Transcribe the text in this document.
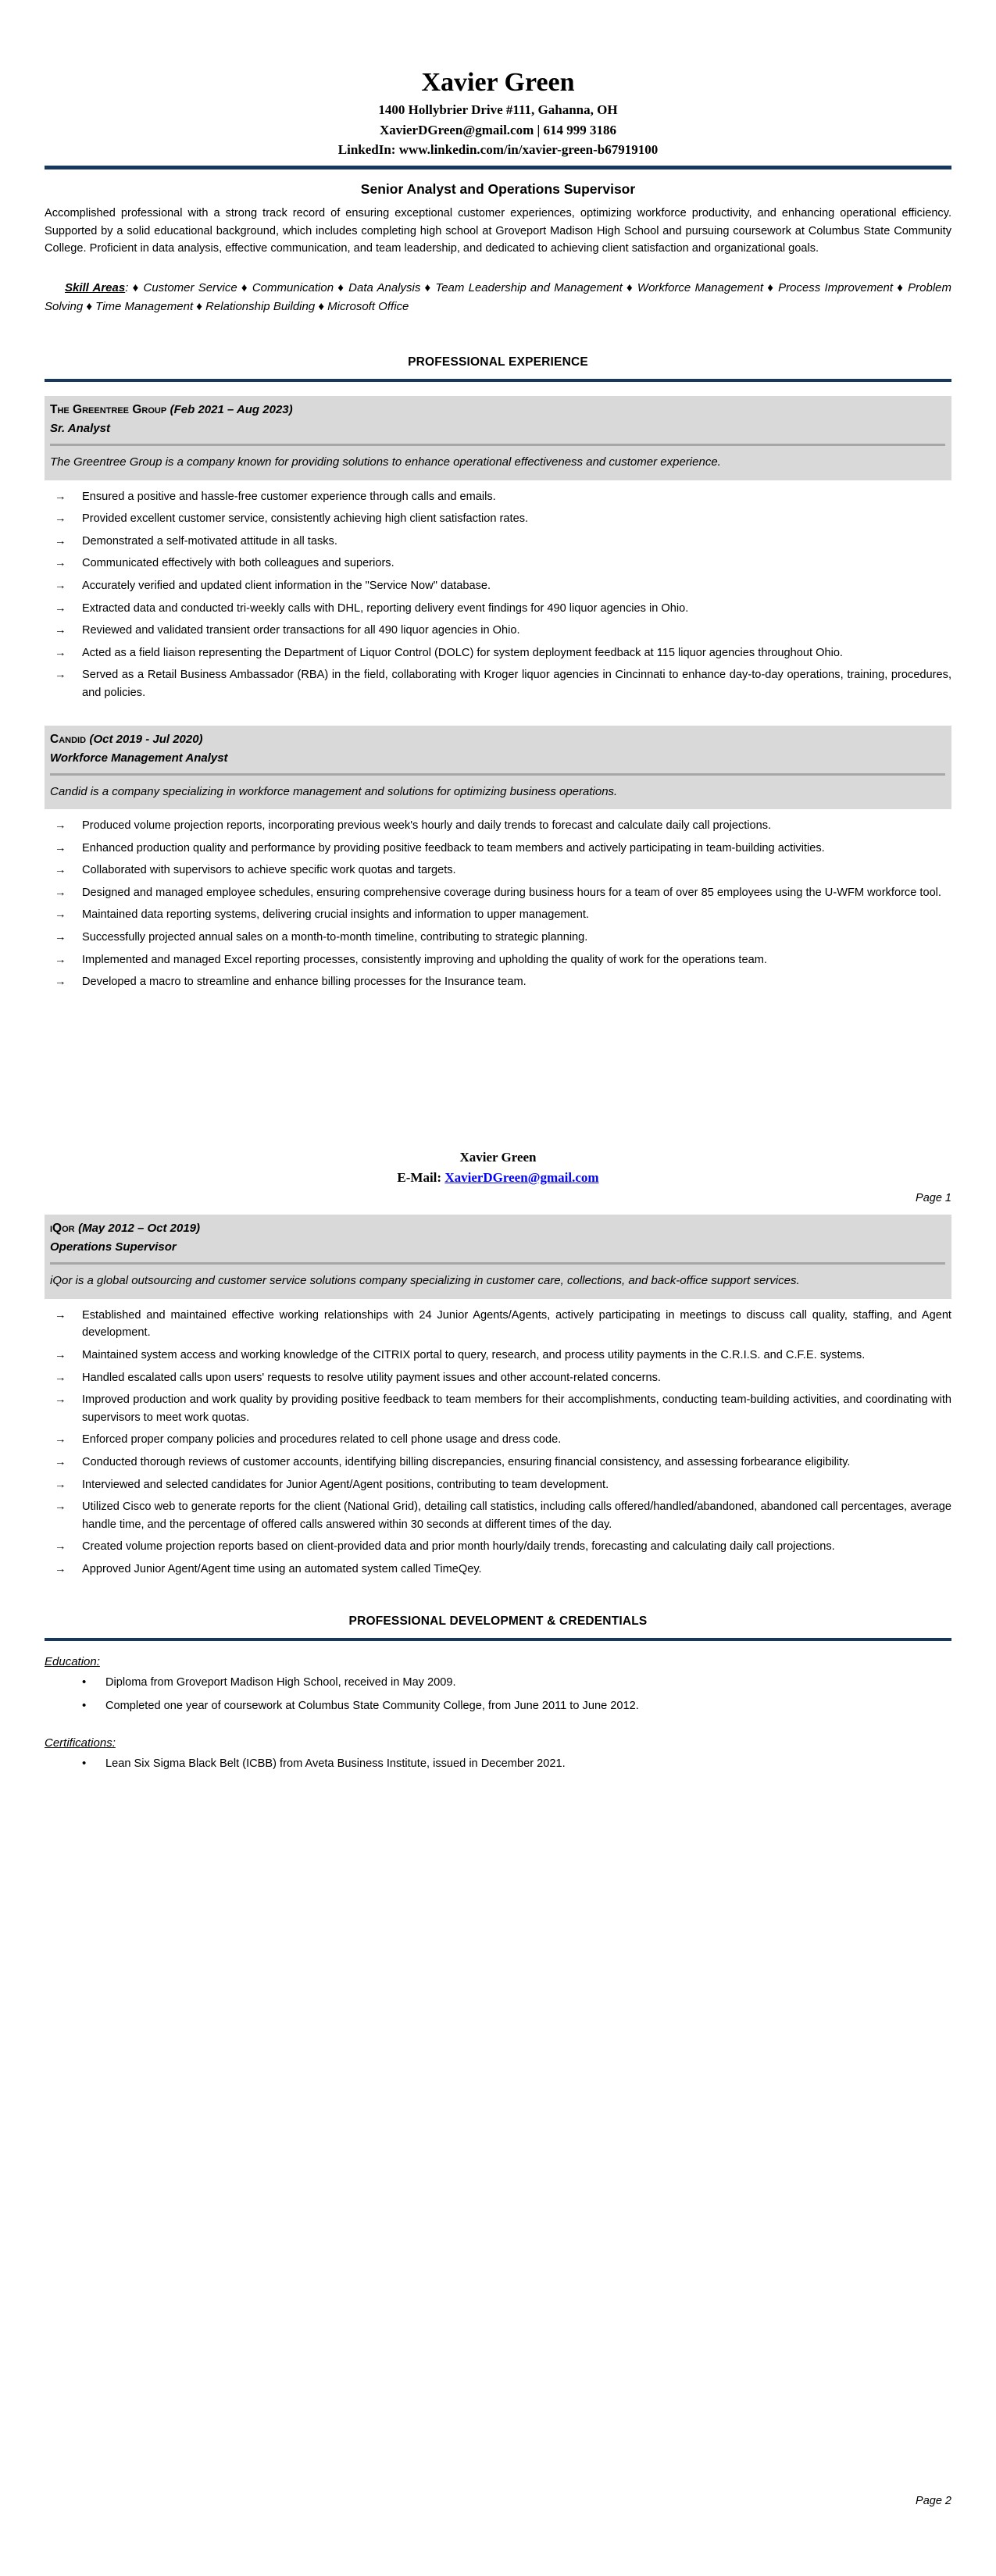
Xavier Green
1400 Hollybrier Drive #111, Gahanna, OH
XavierDGreen@gmail.com | 614 999 3186
LinkedIn: www.linkedin.com/in/xavier-green-b67919100
Senior Analyst and Operations Supervisor

Accomplished professional with a strong track record of ensuring exceptional customer experiences, optimizing workforce productivity, and enhancing operational efficiency. Supported by a solid educational background, which includes completing high school at Groveport Madison High School and pursuing coursework at Columbus State Community College. Proficient in data analysis, effective communication, and team leadership, and dedicated to achieving client satisfaction and organizational goals.

Skill Areas: ♦ Customer Service ♦ Communication ♦ Data Analysis ♦ Team Leadership and Management ♦ Workforce Management ♦ Process Improvement ♦ Problem Solving ♦ Time Management ♦ Relationship Building ♦ Microsoft Office

PROFESSIONAL EXPERIENCE
The Greentree Group (Feb 2021 – Aug 2023)
Sr. Analyst
The Greentree Group is a company known for providing solutions to enhance operational effectiveness and customer experience.
→ Ensured a positive and hassle-free customer experience through calls and emails.
→ Provided excellent customer service, consistently achieving high client satisfaction rates.
→ Demonstrated a self-motivated attitude in all tasks.
→ Communicated effectively with both colleagues and superiors.
→ Accurately verified and updated client information in the "Service Now" database.
→ Extracted data and conducted tri-weekly calls with DHL, reporting delivery event findings for 490 liquor agencies in Ohio.
→ Reviewed and validated transient order transactions for all 490 liquor agencies in Ohio.
→ Acted as a field liaison representing the Department of Liquor Control (DOLC) for system deployment feedback at 115 liquor agencies throughout Ohio.
→ Served as a Retail Business Ambassador (RBA) in the field, collaborating with Kroger liquor agencies in Cincinnati to enhance day-to-day operations, training, procedures, and policies.
Candid (Oct 2019 - Jul 2020)
Workforce Management Analyst
Candid is a company specializing in workforce management and solutions for optimizing business operations.
→ Produced volume projection reports, incorporating previous week's hourly and daily trends to forecast and calculate daily call projections.
→ Enhanced production quality and performance by providing positive feedback to team members and actively participating in team-building activities.
→ Collaborated with supervisors to achieve specific work quotas and targets.
→ Designed and managed employee schedules, ensuring comprehensive coverage during business hours for a team of over 85 employees using the U-WFM workforce tool.
→ Maintained data reporting systems, delivering crucial insights and information to upper management.
→ Successfully projected annual sales on a month-to-month timeline, contributing to strategic planning.
→ Implemented and managed Excel reporting processes, consistently improving and upholding the quality of work for the operations team.
→ Developed a macro to streamline and enhance billing processes for the Insurance team.
Page 1
Xavier Green
E-Mail: XavierDGreen@gmail.com
iQor (May 2012 – Oct 2019)
Operations Supervisor
iQor is a global outsourcing and customer service solutions company specializing in customer care, collections, and back-office support services.
→ Established and maintained effective working relationships with 24 Junior Agents/Agents, actively participating in meetings to discuss call quality, staffing, and Agent development.
→ Maintained system access and working knowledge of the CITRIX portal to query, research, and process utility payments in the C.R.I.S. and C.F.E. systems.
→ Handled escalated calls upon users' requests to resolve utility payment issues and other account-related concerns.
→ Improved production and work quality by providing positive feedback to team members for their accomplishments, conducting team-building activities, and coordinating with supervisors to meet work quotas.
→ Enforced proper company policies and procedures related to cell phone usage and dress code.
→ Conducted thorough reviews of customer accounts, identifying billing discrepancies, ensuring financial consistency, and assessing forbearance eligibility.
→ Interviewed and selected candidates for Junior Agent/Agent positions, contributing to team development.
→ Utilized Cisco web to generate reports for the client (National Grid), detailing call statistics, including calls offered/handled/abandoned, abandoned call percentages, average handle time, and the percentage of offered calls answered within 30 seconds at different times of the day.
→ Created volume projection reports based on client-provided data and prior month hourly/daily trends, forecasting and calculating daily call projections.
→ Approved Junior Agent/Agent time using an automated system called TimeQey.
PROFESSIONAL DEVELOPMENT & CREDENTIALS
Education:
• Diploma from Groveport Madison High School, received in May 2009.
• Completed one year of coursework at Columbus State Community College, from June 2011 to June 2012.
Certifications:
• Lean Six Sigma Black Belt (ICBB) from Aveta Business Institute, issued in December 2021.
Page 2
